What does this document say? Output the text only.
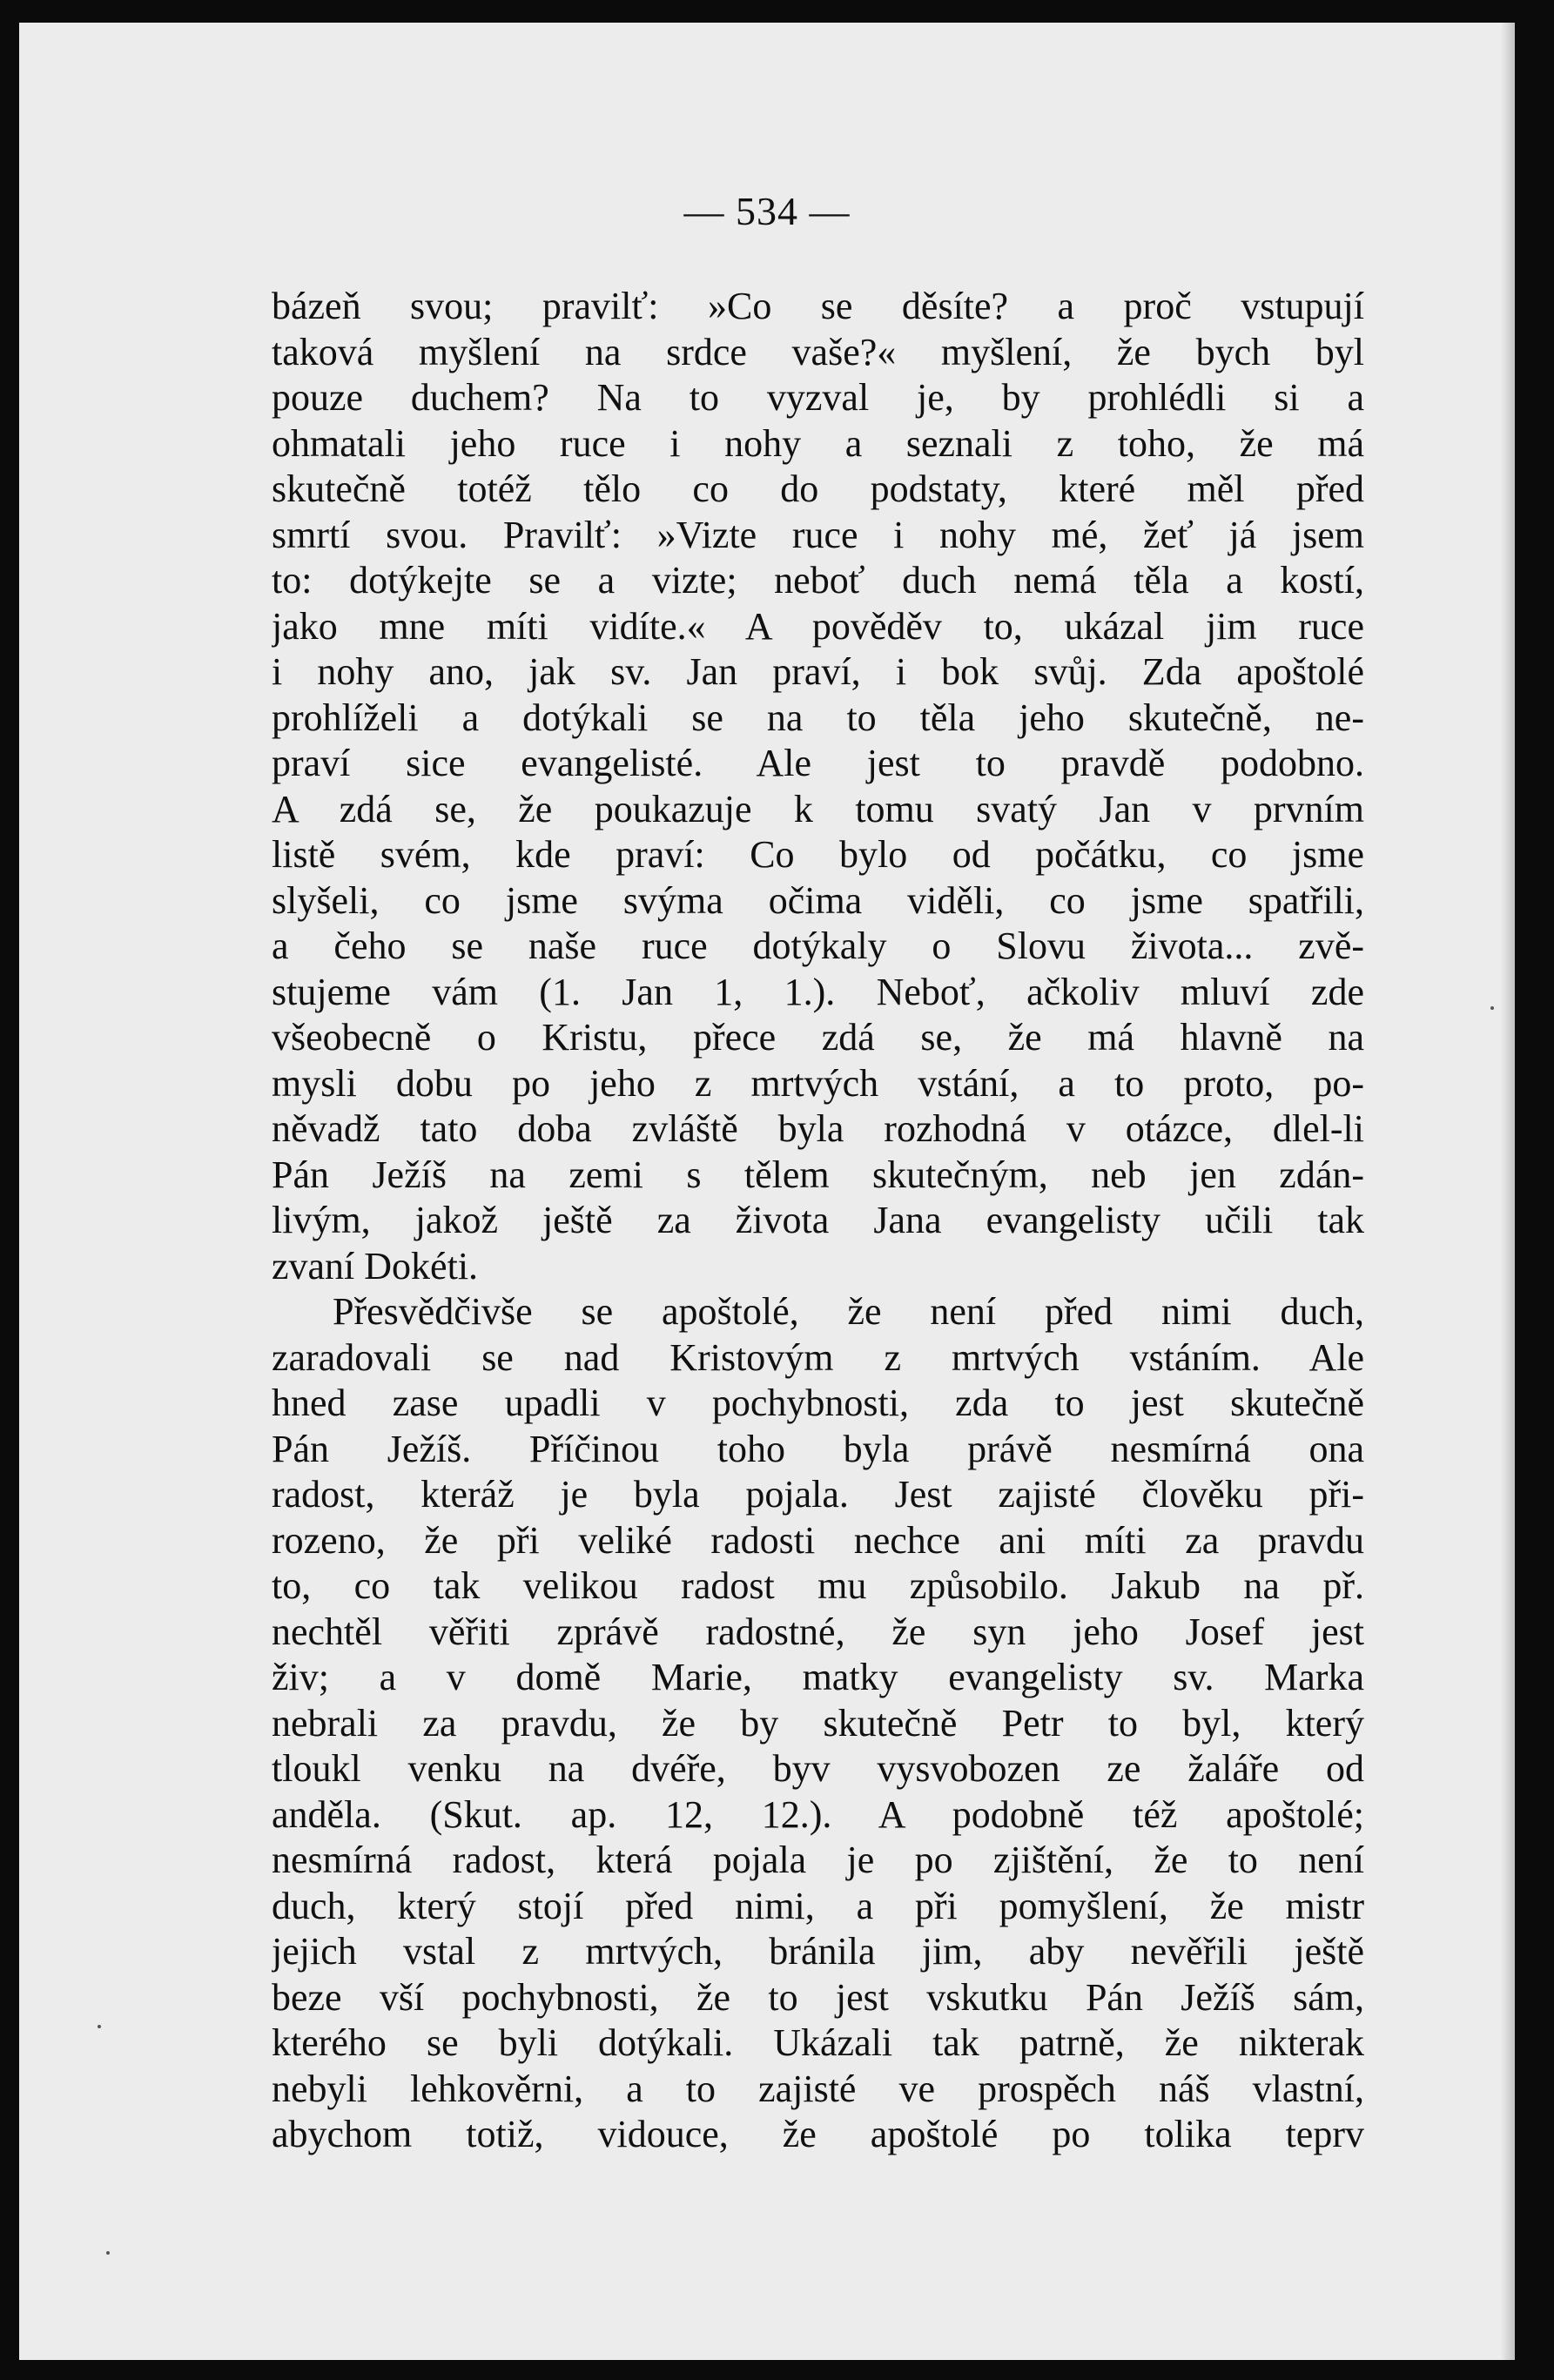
— 534 —
bázeň svou; pravilť: »Co se děsíte? a proč vstupují
taková myšlení na srdce vaše?« myšlení, že bych byl
pouze duchem? Na to vyzval je, by prohlédli si a
ohmatali jeho ruce i nohy a seznali z toho, že má
skutečně totéž tělo co do podstaty, které měl před
smrtí svou. Pravilť: »Vizte ruce i nohy mé, žeť já jsem
to: dotýkejte se a vizte; neboť duch nemá těla a kostí,
jako mne míti vidíte.« A pověděv to, ukázal jim ruce
i nohy ano, jak sv. Jan praví, i bok svůj. Zda apoštolé
prohlíželi a dotýkali se na to těla jeho skutečně, ne-
praví sice evangelisté. Ale jest to pravdě podobno.
A zdá se, že poukazuje k tomu svatý Jan v prvním
listě svém, kde praví: Co bylo od počátku, co jsme
slyšeli, co jsme svýma očima viděli, co jsme spatřili,
a čeho se naše ruce dotýkaly o Slovu života... zvě-
stujeme vám (1. Jan 1, 1.). Neboť, ačkoliv mluví zde
všeobecně o Kristu, přece zdá se, že má hlavně na
mysli dobu po jeho z mrtvých vstání, a to proto, po-
něvadž tato doba zvláště byla rozhodná v otázce, dlel-li
Pán Ježíš na zemi s tělem skutečným, neb jen zdán-
livým, jakož ještě za života Jana evangelisty učili tak
zvaní Dokéti.
Přesvědčivše se apoštolé, že není před nimi duch,
zaradovali se nad Kristovým z mrtvých vstáním. Ale
hned zase upadli v pochybnosti, zda to jest skutečně
Pán Ježíš. Příčinou toho byla právě nesmírná ona
radost, kteráž je byla pojala. Jest zajisté člověku při-
rozeno, že při veliké radosti nechce ani míti za pravdu
to, co tak velikou radost mu způsobilo. Jakub na př.
nechtěl věřiti zprávě radostné, že syn jeho Josef jest
živ; a v domě Marie, matky evangelisty sv. Marka
nebrali za pravdu, že by skutečně Petr to byl, který
tloukl venku na dvéře, byv vysvobozen ze žaláře od
anděla. (Skut. ap. 12, 12.). A podobně též apoštolé;
nesmírná radost, která pojala je po zjištění, že to není
duch, který stojí před nimi, a při pomyšlení, že mistr
jejich vstal z mrtvých, bránila jim, aby nevěřili ještě
beze vší pochybnosti, že to jest vskutku Pán Ježíš sám,
kterého se byli dotýkali. Ukázali tak patrně, že nikterak
nebyli lehkověrni, a to zajisté ve prospěch náš vlastní,
abychom totiž, vidouce, že apoštolé po tolika teprv
